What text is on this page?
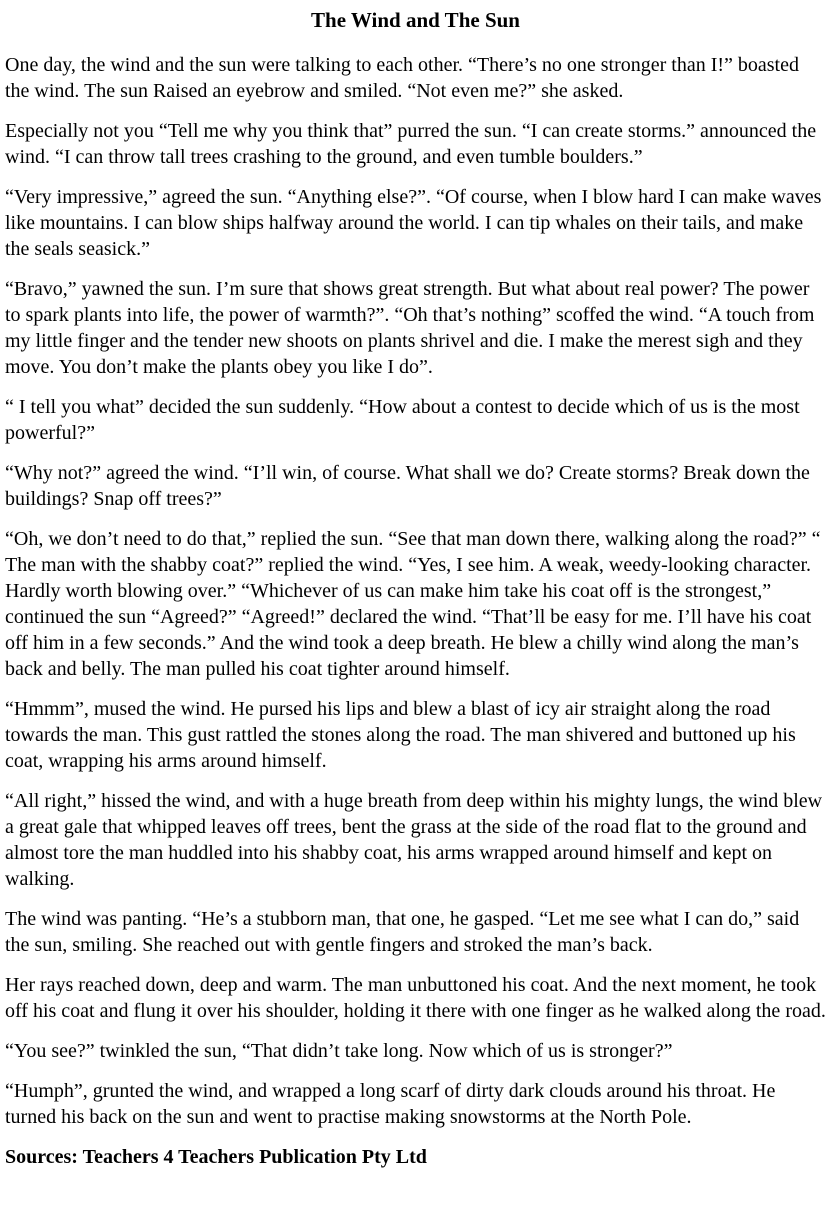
The Wind and The Sun

One day, the wind and the sun were talking to each other. “There’s no one stronger than I!” boasted the wind. The sun Raised an eyebrow and smiled. “Not even me?” she asked.

Especially not you “Tell me why you think that” purred the sun. “I can create storms.” announced the wind. “I can throw tall trees crashing to the ground, and even tumble boulders.”

“Very impressive,” agreed the sun. “Anything else?”. “Of course, when I blow hard I can make waves like mountains. I can blow ships halfway around the world. I can tip whales on their tails, and make the seals seasick.”

“Bravo,” yawned the sun. I’m sure that shows great strength. But what about real power? The power to spark plants into life, the power of warmth?”. “Oh that’s nothing” scoffed the wind. “A touch from my little finger and the tender new shoots on plants shrivel and die. I make the merest sigh and they move. You don’t make the plants obey you like I do”.

“ I tell you what” decided the sun suddenly. “How about a contest to decide which of us is the most powerful?”

“Why not?” agreed the wind. “I’ll win, of course. What shall we do? Create storms? Break down the buildings? Snap off trees?”

“Oh, we don’t need to do that,” replied the sun. “See that man down there, walking along the road?” “ The man with the shabby coat?” replied the wind. “Yes, I see him. A weak, weedy-looking character. Hardly worth blowing over.” “Whichever of us can make him take his coat off is the strongest,” continued the sun “Agreed?” “Agreed!” declared the wind. “That’ll be easy for me. I’ll have his coat off him in a few seconds.” And the wind took a deep breath. He blew a chilly wind along the man’s back and belly. The man pulled his coat tighter around himself.

“Hmmm”, mused the wind. He pursed his lips and blew a blast of icy air straight along the road towards the man. This gust rattled the stones along the road. The man shivered and buttoned up his coat, wrapping his arms around himself.

“All right,” hissed the wind, and with a huge breath from deep within his mighty lungs, the wind blew a great gale that whipped leaves off trees, bent the grass at the side of the road flat to the ground and almost tore the man huddled into his shabby coat, his arms wrapped around himself and kept on walking.

The wind was panting. “He’s a stubborn man, that one, he gasped. “Let me see what I can do,” said the sun, smiling. She reached out with gentle fingers and stroked the man’s back.

Her rays reached down, deep and warm. The man unbuttoned his coat. And the next moment, he took off his coat and flung it over his shoulder, holding it there with one finger as he walked along the road.

“You see?” twinkled the sun, “That didn’t take long. Now which of us is stronger?”

“Humph”, grunted the wind, and wrapped a long scarf of dirty dark clouds around his throat. He turned his back on the sun and went to practise making snowstorms at the North Pole.

Sources: Teachers 4 Teachers Publication Pty Ltd
